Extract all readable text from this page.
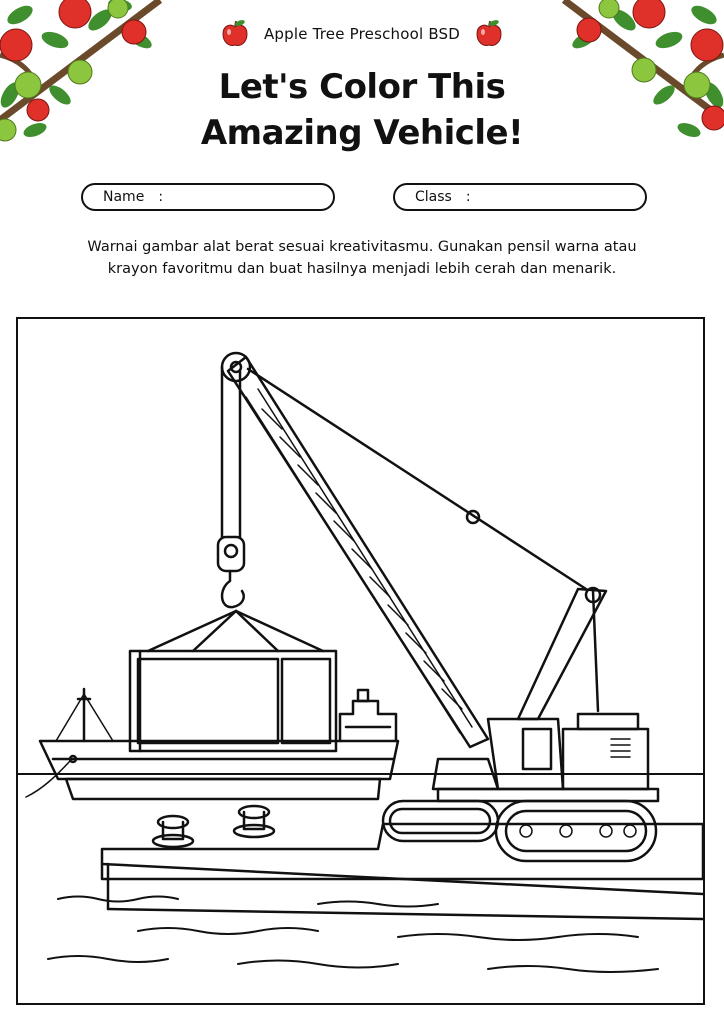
Apple Tree Preschool BSD
Let's Color This
Amazing Vehicle!
Name :	Class :
Warnai gambar alat berat sesuai kreativitasmu. Gunakan pensil warna atau
krayon favoritmu dan buat hasilnya menjadi lebih cerah dan menarik.
